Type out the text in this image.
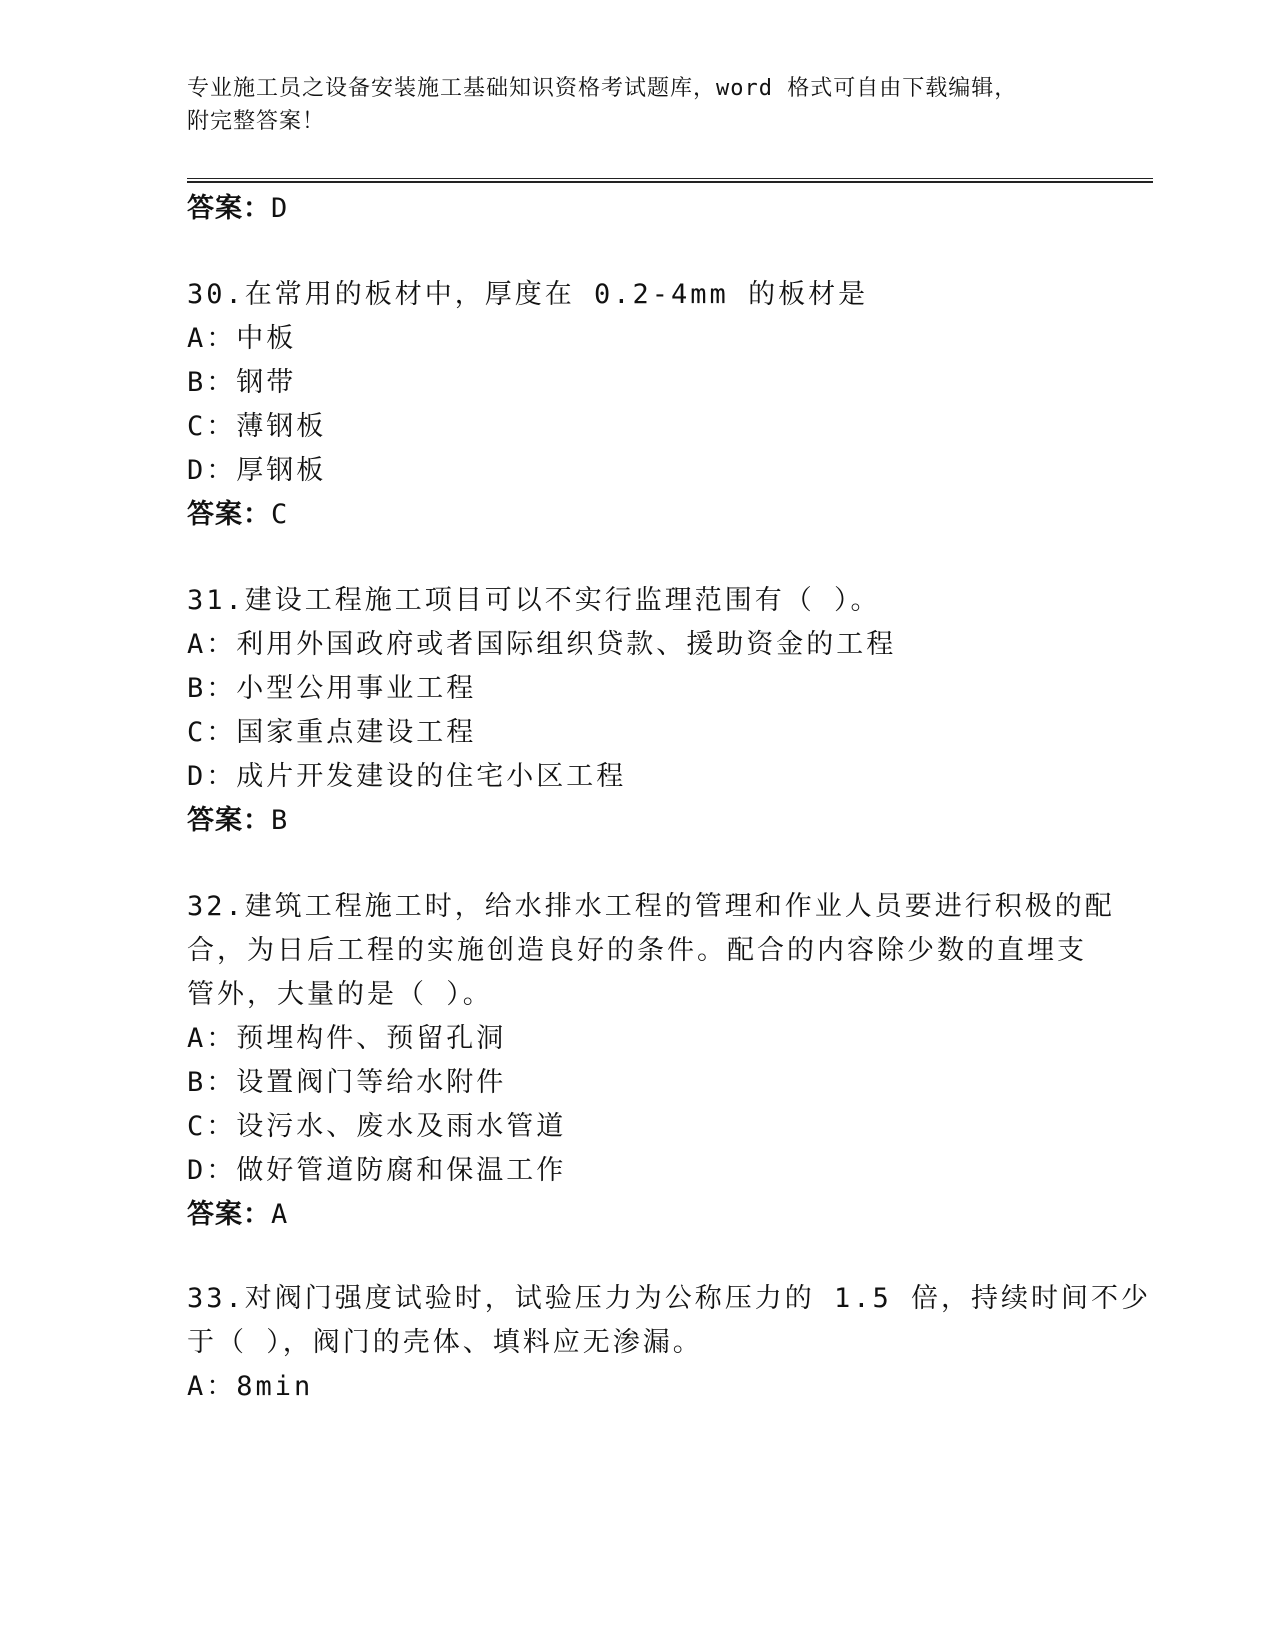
专业施工员之设备安装施工基础知识资格考试题库，word 格式可自由下载编辑，
附完整答案！
答案：D
30.在常用的板材中，厚度在 0.2-4mm 的板材是
A：中板
B：钢带
C：薄钢板
D：厚钢板
答案：C
31.建设工程施工项目可以不实行监理范围有（ ）。
A：利用外国政府或者国际组织贷款、援助资金的工程
B：小型公用事业工程
C：国家重点建设工程
D：成片开发建设的住宅小区工程
答案：B
32.建筑工程施工时，给水排水工程的管理和作业人员要进行积极的配
合，为日后工程的实施创造良好的条件。配合的内容除少数的直埋支
管外，大量的是（ ）。
A：预埋构件、预留孔洞
B：设置阀门等给水附件
C：设污水、废水及雨水管道
D：做好管道防腐和保温工作
答案：A
33.对阀门强度试验时，试验压力为公称压力的 1.5 倍，持续时间不少
于（ ），阀门的壳体、填料应无渗漏。
A：8min
